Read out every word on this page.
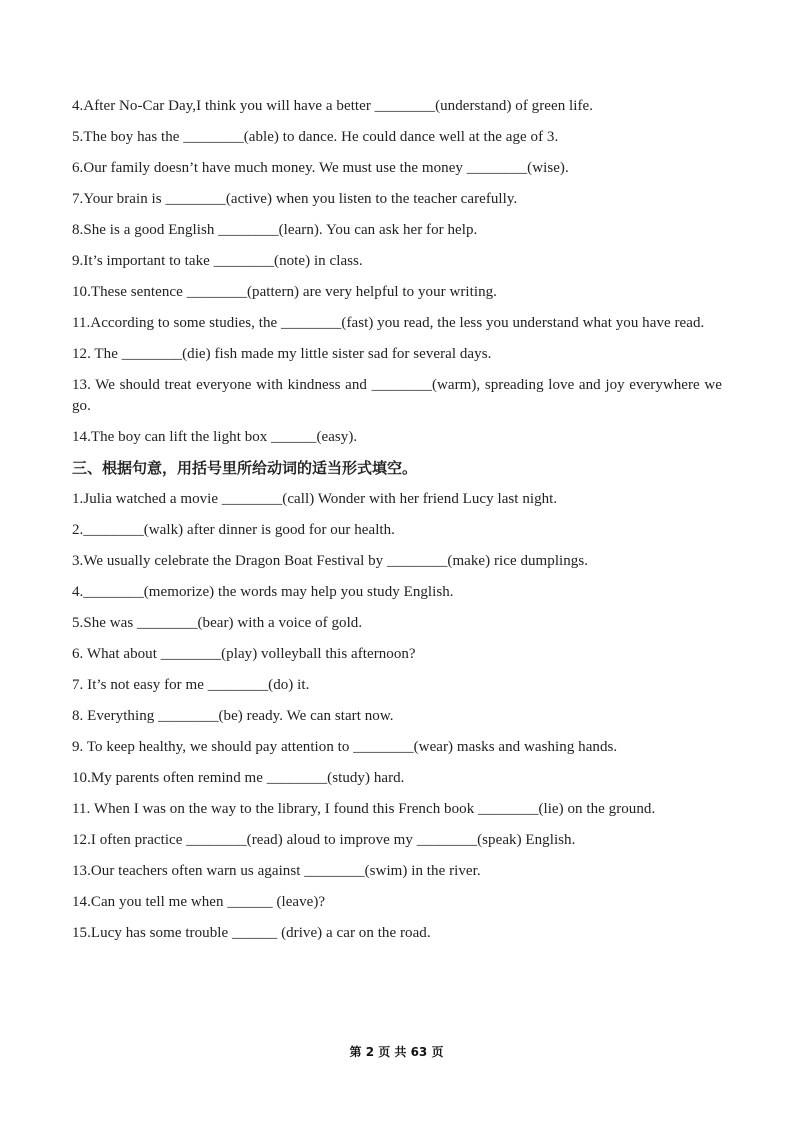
4.After No-Car Day,I think you will have a better ________(understand) of green life.
5.The boy has the ________(able) to dance. He could dance well at the age of 3.
6.Our family doesn’t have much money. We must use the money ________(wise).
7.Your brain is ________(active) when you listen to the teacher carefully.
8.She is a good English ________(learn). You can ask her for help.
9.It’s important to take ________(note) in class.
10.These sentence ________(pattern) are very helpful to your writing.
11.According to some studies, the ________(fast) you read, the less you understand what you have read.
12. The ________(die) fish made my little sister sad for several days.
13. We should treat everyone with kindness and ________(warm), spreading love and joy everywhere we go.
14.The boy can lift the light box ______(easy).
三、根据句意，用括号里所给动词的适当形式填空。
1.Julia watched a movie ________(call) Wonder with her friend Lucy last night.
2.________(walk) after dinner is good for our health.
3.We usually celebrate the Dragon Boat Festival by ________(make) rice dumplings.
4.________(memorize) the words may help you study English.
5.She was ________(bear) with a voice of gold.
6. What about ________(play) volleyball this afternoon?
7. It’s not easy for me ________(do) it.
8. Everything ________(be) ready. We can start now.
9. To keep healthy, we should pay attention to ________(wear) masks and washing hands.
10.My parents often remind me ________(study) hard.
11. When I was on the way to the library, I found this French book ________(lie) on the ground.
12.I often practice ________(read) aloud to improve my ________(speak) English.
13.Our teachers often warn us against ________(swim) in the river.
14.Can you tell me when ______ (leave)?
15.Lucy has some trouble ______ (drive) a car on the road.
第 2 页 共 63 页
